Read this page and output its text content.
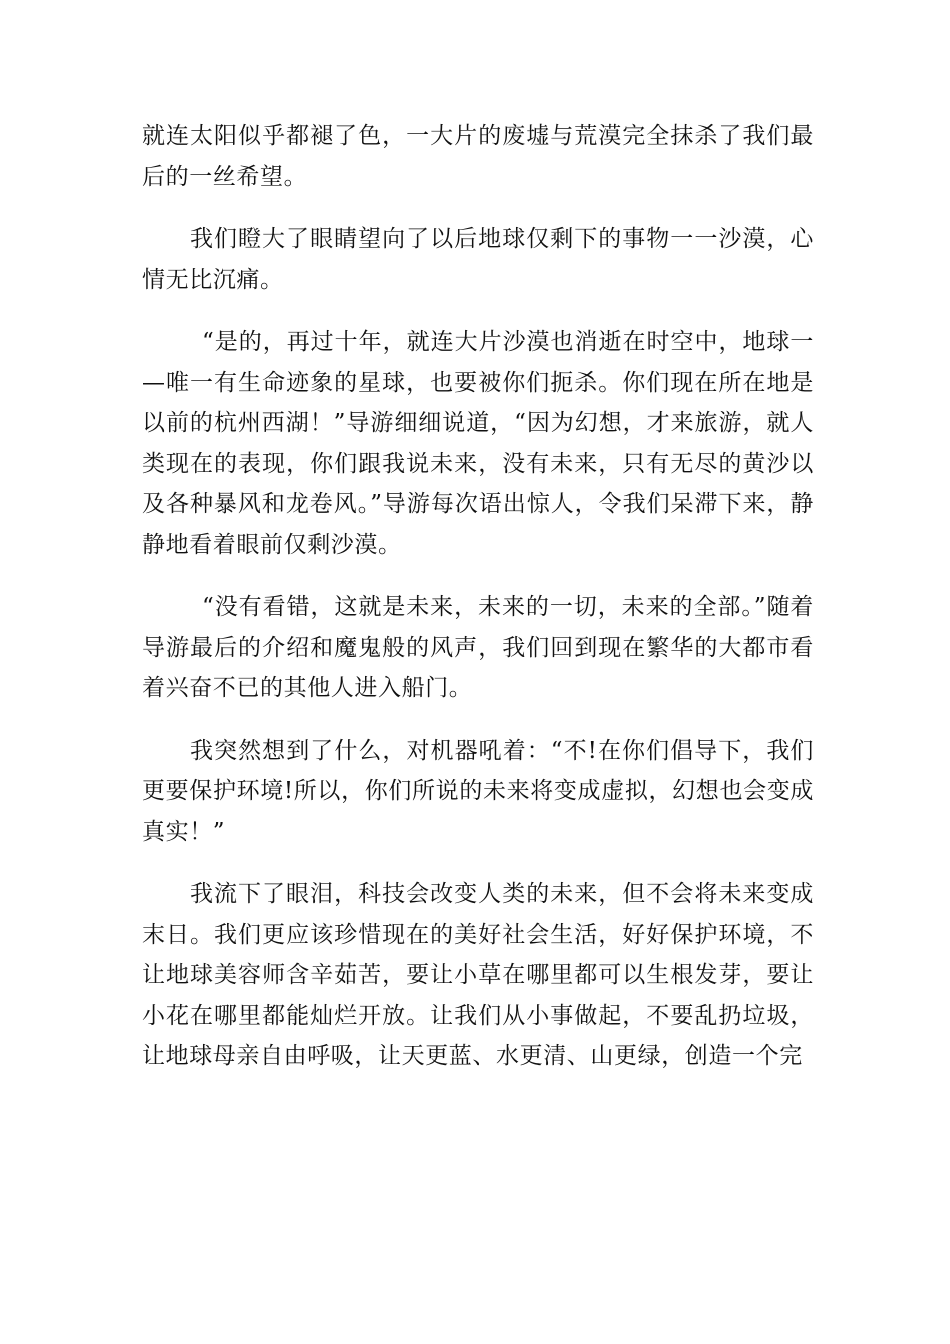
就连太阳似乎都褪了色，一大片的废墟与荒漠完全抹杀了我们最后的一丝希望。

我们瞪大了眼睛望向了以后地球仅剩下的事物一一沙漠，心情无比沉痛。

“是的，再过十年，就连大片沙漠也消逝在时空中，地球一—唯一有生命迹象的星球，也要被你们扼杀。你们现在所在地是以前的杭州西湖！”导游细细说道，“因为幻想，才来旅游，就人类现在的表现，你们跟我说未来，没有未来，只有无尽的黄沙以及各种暴风和龙卷风。”导游每次语出惊人，令我们呆滞下来，静静地看着眼前仅剩沙漠。

“没有看错，这就是未来，未来的一切，未来的全部。”随着导游最后的介绍和魔鬼般的风声，我们回到现在繁华的大都市看着兴奋不已的其他人进入船门。

我突然想到了什么，对机器吼着：“不!在你们倡导下，我们更要保护环境!所以，你们所说的未来将变成虚拟，幻想也会变成真实！”

我流下了眼泪，科技会改变人类的未来，但不会将未来变成末日。我们更应该珍惜现在的美好社会生活，好好保护环境，不让地球美容师含辛茹苦，要让小草在哪里都可以生根发芽，要让小花在哪里都能灿烂开放。让我们从小事做起，不要乱扔垃圾，让地球母亲自由呼吸，让天更蓝、水更清、山更绿，创造一个完
